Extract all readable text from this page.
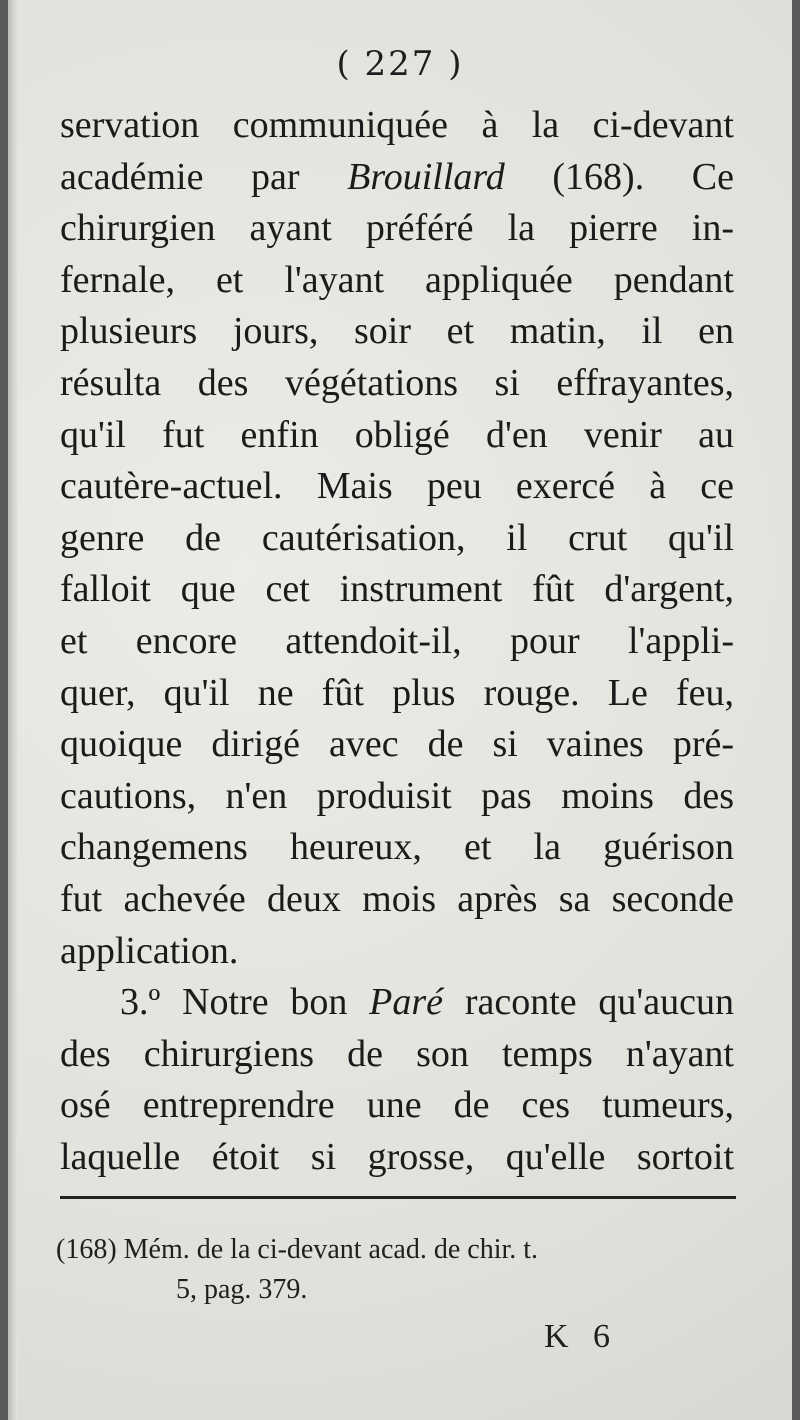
( 227 )
servation communiquée à la ci-devant
académie par Brouillard (168). Ce
chirurgien ayant préféré la pierre in-
fernale, et l'ayant appliquée pendant
plusieurs jours, soir et matin, il en
résulta des végétations si effrayantes,
qu'il fut enfin obligé d'en venir au
cautère-actuel. Mais peu exercé à ce
genre de cautérisation, il crut qu'il
falloit que cet instrument fût d'argent,
et encore attendoit-il, pour l'appli-
quer, qu'il ne fût plus rouge. Le feu,
quoique dirigé avec de si vaines pré-
cautions, n'en produisit pas moins des
changemens heureux, et la guérison
fut achevée deux mois après sa seconde
application.
3.º Notre bon Paré raconte qu'aucun
des chirurgiens de son temps n'ayant
osé entreprendre une de ces tumeurs,
laquelle étoit si grosse, qu'elle sortoit
(168) Mém. de la ci-devant acad. de chir. t.
5, pag. 379.
K 6
